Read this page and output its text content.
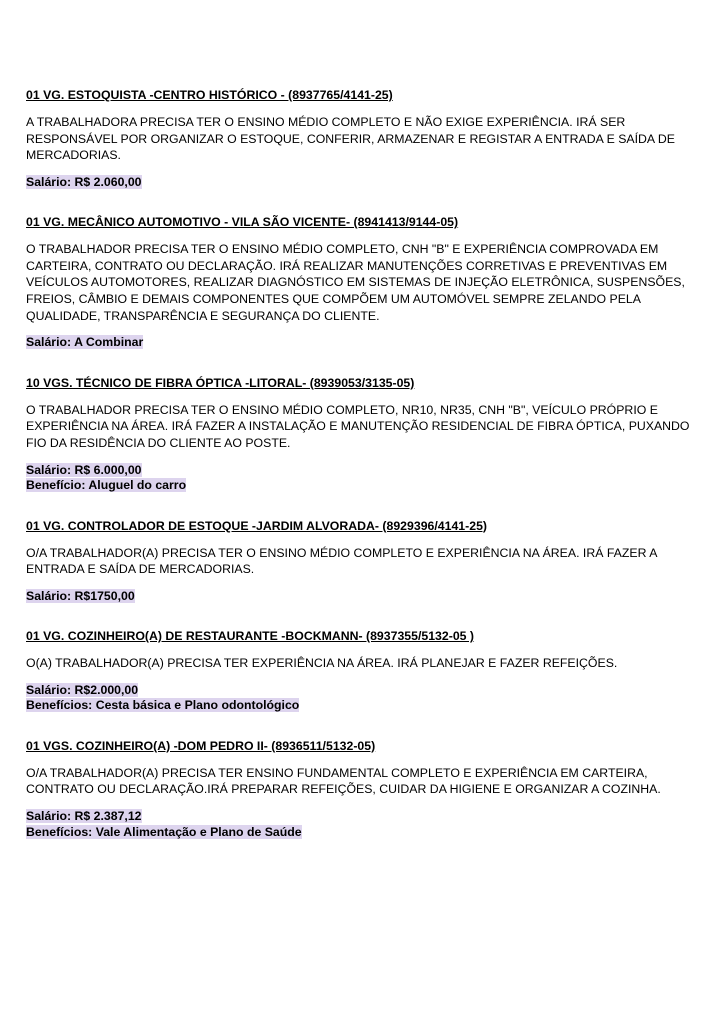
01 VG. ESTOQUISTA -CENTRO HISTÓRICO - (8937765/4141-25)

A TRABALHADORA PRECISA TER O ENSINO MÉDIO COMPLETO E NÃO EXIGE EXPERIÊNCIA. IRÁ SER RESPONSÁVEL POR ORGANIZAR O ESTOQUE, CONFERIR, ARMAZENAR E REGISTAR A ENTRADA E SAÍDA DE MERCADORIAS.

Salário: R$ 2.060,00

01 VG. MECÂNICO AUTOMOTIVO - VILA SÃO VICENTE- (8941413/9144-05)

O TRABALHADOR PRECISA TER O ENSINO MÉDIO COMPLETO, CNH "B" E EXPERIÊNCIA COMPROVADA EM CARTEIRA, CONTRATO OU DECLARAÇÃO. IRÁ REALIZAR MANUTENÇÕES CORRETIVAS E PREVENTIVAS EM VEÍCULOS AUTOMOTORES, REALIZAR DIAGNÓSTICO EM SISTEMAS DE INJEÇÃO ELETRÔNICA, SUSPENSÕES, FREIOS, CÂMBIO E DEMAIS COMPONENTES QUE COMPÕEM UM AUTOMÓVEL SEMPRE ZELANDO PELA QUALIDADE, TRANSPARÊNCIA E SEGURANÇA DO CLIENTE.

Salário: A Combinar

10 VGS. TÉCNICO DE FIBRA ÓPTICA -LITORAL- (8939053/3135-05)

O TRABALHADOR PRECISA TER O ENSINO MÉDIO COMPLETO, NR10, NR35, CNH "B", VEÍCULO PRÓPRIO E EXPERIÊNCIA NA ÁREA. IRÁ FAZER A INSTALAÇÃO E MANUTENÇÃO RESIDENCIAL DE FIBRA ÓPTICA, PUXANDO FIO DA RESIDÊNCIA DO CLIENTE AO POSTE.

Salário: R$ 6.000,00

Benefício: Aluguel do carro

01 VG. CONTROLADOR DE ESTOQUE -JARDIM ALVORADA- (8929396/4141-25)

O/A TRABALHADOR(A) PRECISA TER O ENSINO MÉDIO COMPLETO E EXPERIÊNCIA NA ÁREA. IRÁ FAZER A ENTRADA E SAÍDA DE MERCADORIAS.

Salário: R$1750,00

01 VG. COZINHEIRO(A) DE RESTAURANTE -BOCKMANN- (8937355/5132-05 )

O(A) TRABALHADOR(A) PRECISA TER EXPERIÊNCIA NA ÁREA. IRÁ PLANEJAR E FAZER REFEIÇÕES.

Salário: R$2.000,00

Benefícios: Cesta básica e Plano odontológico

01 VGS. COZINHEIRO(A) -DOM PEDRO II- (8936511/5132-05)

O/A TRABALHADOR(A) PRECISA TER ENSINO FUNDAMENTAL COMPLETO E EXPERIÊNCIA EM CARTEIRA, CONTRATO OU DECLARAÇÃO.IRÁ PREPARAR REFEIÇÕES, CUIDAR DA HIGIENE E ORGANIZAR A COZINHA.

Salário: R$ 2.387,12

Benefícios: Vale Alimentação e Plano de Saúde
